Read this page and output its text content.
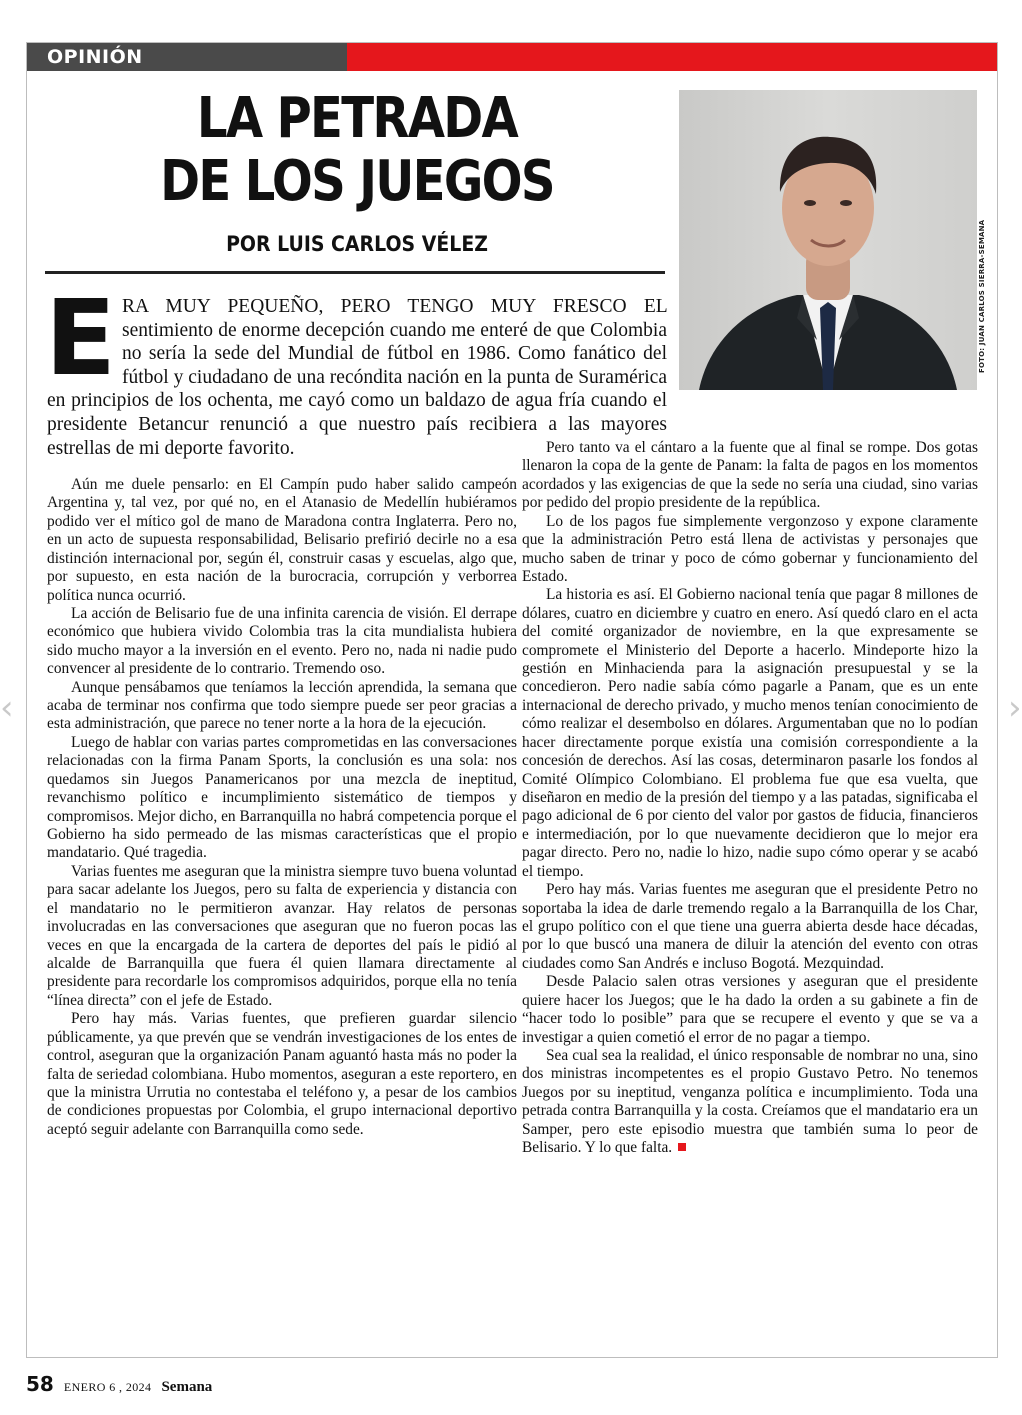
‹	›
OPINIÓN
LA PETRADA
DE LOS JUEGOS
POR LUIS CARLOS VÉLEZ	FOTO: JUAN CARLOS SIERRA-SEMANA
E RA MUY PEQUEÑO, PERO TENGO MUY FRESCO EL sentimiento de enorme decepción cuando me enteré de que Colombia no sería la sede del Mundial de fútbol en 1986. Como fanático del fútbol y ciudadano de una recóndita nación en la punta de Suramérica en principios de los ochenta, me cayó como un baldazo de agua fría cuando el presidente Betancur renunció a que nuestro país recibiera a las mayores estrellas de mi deporte favorito.

Aún me duele pensarlo: en El Campín pudo haber salido campeón Argentina y, tal vez, por qué no, en el Atanasio de Medellín hubiéramos podido ver el mítico gol de mano de Maradona contra Inglaterra. Pero no, en un acto de supuesta responsabilidad, Belisario prefirió decirle no a esa distinción internacional por, según él, construir casas y escuelas, algo que, por supuesto, en esta nación de la burocracia, corrupción y verborrea política nunca ocurrió.

La acción de Belisario fue de una infinita carencia de visión. El derrape económico que hubiera vivido Colombia tras la cita mundialista hubiera sido mucho mayor a la inversión en el evento. Pero no, nada ni nadie pudo convencer al presidente de lo contrario. Tremendo oso.

Aunque pensábamos que teníamos la lección aprendida, la semana que acaba de terminar nos confirma que todo siempre puede ser peor gracias a esta administración, que parece no tener norte a la hora de la ejecución.

Luego de hablar con varias partes comprometidas en las conversaciones relacionadas con la firma Panam Sports, la conclusión es una sola: nos quedamos sin Juegos Panamericanos por una mezcla de ineptitud, revanchismo político e incumplimiento sistemático de tiempos y compromisos. Mejor dicho, en Barranquilla no habrá competencia porque el Gobierno ha sido permeado de las mismas características que el propio mandatario. Qué tragedia.

Varias fuentes me aseguran que la ministra siempre tuvo buena voluntad para sacar adelante los Juegos, pero su falta de experiencia y distancia con el mandatario no le permitieron avanzar. Hay relatos de personas involucradas en las conversaciones que aseguran que no fueron pocas las veces en que la encargada de la cartera de deportes del país le pidió al alcalde de Barranquilla que fuera él quien llamara directamente al presidente para recordarle los compromisos adquiridos, porque ella no tenía “línea directa” con el jefe de Estado.

Pero hay más. Varias fuentes, que prefieren guardar silencio públicamente, ya que prevén que se vendrán investigaciones de los entes de control, aseguran que la organización Panam aguantó hasta más no poder la falta de seriedad colombiana. Hubo momentos, aseguran a este reportero, en que la ministra Urrutia no contestaba el teléfono y, a pesar de los cambios de condiciones propuestas por Colombia, el grupo internacional deportivo aceptó seguir adelante con Barranquilla como sede.

Pero tanto va el cántaro a la fuente que al final se rompe. Dos gotas llenaron la copa de la gente de Panam: la falta de pagos en los momentos acordados y las exigencias de que la sede no sería una ciudad, sino varias por pedido del propio presidente de la república.

Lo de los pagos fue simplemente vergonzoso y expone claramente que la administración Petro está llena de activistas y personajes que mucho saben de trinar y poco de cómo gobernar y funcionamiento del Estado.

La historia es así. El Gobierno nacional tenía que pagar 8 millones de dólares, cuatro en diciembre y cuatro en enero. Así quedó claro en el acta del comité organizador de noviembre, en la que expresamente se compromete el Ministerio del Deporte a hacerlo. Mindeporte hizo la gestión en Minhacienda para la asignación presupuestal y se la concedieron. Pero nadie sabía cómo pagarle a Panam, que es un ente internacional de derecho privado, y mucho menos tenían conocimiento de cómo realizar el desembolso en dólares. Argumentaban que no lo podían hacer directamente porque existía una comisión correspondiente a la concesión de derechos. Así las cosas, determinaron pasarle los fondos al Comité Olímpico Colombiano. El problema fue que esa vuelta, que diseñaron en medio de la presión del tiempo y a las patadas, significaba el pago adicional de 6 por ciento del valor por gastos de fiducia, financieros e intermediación, por lo que nuevamente decidieron que lo mejor era pagar directo. Pero no, nadie lo hizo, nadie supo cómo operar y se acabó el tiempo.

Pero hay más. Varias fuentes me aseguran que el presidente Petro no soportaba la idea de darle tremendo regalo a la Barranquilla de los Char, el grupo político con el que tiene una guerra abierta desde hace décadas, por lo que buscó una manera de diluir la atención del evento con otras ciudades como San Andrés e incluso Bogotá. Mezquindad.

Desde Palacio salen otras versiones y aseguran que el presidente quiere hacer los Juegos; que le ha dado la orden a su gabinete a fin de “hacer todo lo posible” para que se recupere el evento y que se va a investigar a quien cometió el error de no pagar a tiempo.

Sea cual sea la realidad, el único responsable de nombrar no una, sino dos ministras incompetentes es el propio Gustavo Petro. No tenemos Juegos por su ineptitud, venganza política e incumplimiento. Toda una petrada contra Barranquilla y la costa. Creíamos que el mandatario era un Samper, pero este episodio muestra que también suma lo peor de Belisario. Y lo que falta.

58 ENERO 6 , 2024 Semana
